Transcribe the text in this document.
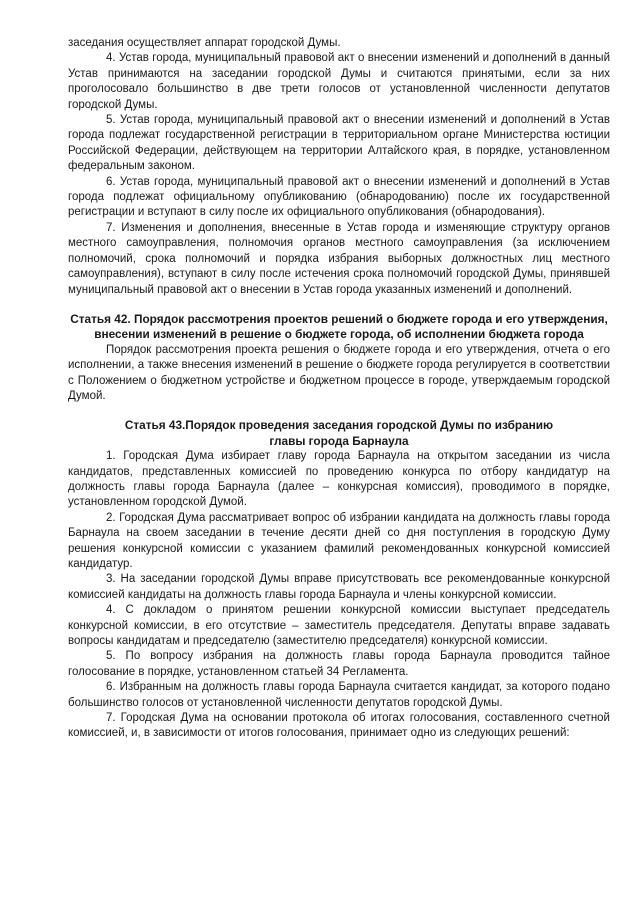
заседания осуществляет аппарат городской Думы.

4. Устав города, муниципальный правовой акт о внесении изменений и дополнений в данный Устав принимаются на заседании городской Думы и считаются принятыми, если за них проголосовало большинство в две трети голосов от установленной численности депутатов городской Думы.

5. Устав города, муниципальный правовой акт о внесении изменений и дополнений в Устав города подлежат государственной регистрации в территориальном органе Министерства юстиции Российской Федерации, действующем на территории Алтайского края, в порядке, установленном федеральным законом.

6. Устав города, муниципальный правовой акт о внесении изменений и дополнений в Устав города подлежат официальному опубликованию (обнародованию) после их государственной регистрации и вступают в силу после их официального опубликования (обнародования).

7. Изменения и дополнения, внесенные в Устав города и изменяющие структуру органов местного самоуправления, полномочия органов местного самоуправления (за исключением полномочий, срока полномочий и порядка избрания выборных должностных лиц местного самоуправления), вступают в силу после истечения срока полномочий городской Думы, принявшей муниципальный правовой акт о внесении в Устав города указанных изменений и дополнений.

Статья 42. Порядок рассмотрения проектов решений о бюджете города и его утверждения, внесении изменений в решение о бюджете города, об исполнении бюджета города

Порядок рассмотрения проекта решения о бюджете города и его утверждения, отчета о его исполнении, а также внесения изменений в решение о бюджете города регулируется в соответствии с Положением о бюджетном устройстве и бюджетном процессе в городе, утверждаемым городской Думой.

Статья 43.Порядок проведения заседания городской Думы по избранию главы города Барнаула

1. Городская Дума избирает главу города Барнаула на открытом заседании из числа кандидатов, представленных комиссией по проведению конкурса по отбору кандидатур на должность главы города Барнаула (далее – конкурсная комиссия), проводимого в порядке, установленном городской Думой.

2. Городская Дума рассматривает вопрос об избрании кандидата на должность главы города Барнаула на своем заседании в течение десяти дней со дня поступления в городскую Думу решения конкурсной комиссии с указанием фамилий рекомендованных конкурсной комиссией кандидатур.

3. На заседании городской Думы вправе присутствовать все рекомендованные конкурсной комиссией кандидаты на должность главы города Барнаула и члены конкурсной комиссии.

4. С докладом о принятом решении конкурсной комиссии выступает председатель конкурсной комиссии, в его отсутствие – заместитель председателя. Депутаты вправе задавать вопросы кандидатам и председателю (заместителю председателя) конкурсной комиссии.

5. По вопросу избрания на должность главы города Барнаула проводится тайное голосование в порядке, установленном статьей 34 Регламента.

6. Избранным на должность главы города Барнаула считается кандидат, за которого подано большинство голосов от установленной численности депутатов городской Думы.

7. Городская Дума на основании протокола об итогах голосования, составленного счетной комиссией, и, в зависимости от итогов голосования, принимает одно из следующих решений:
